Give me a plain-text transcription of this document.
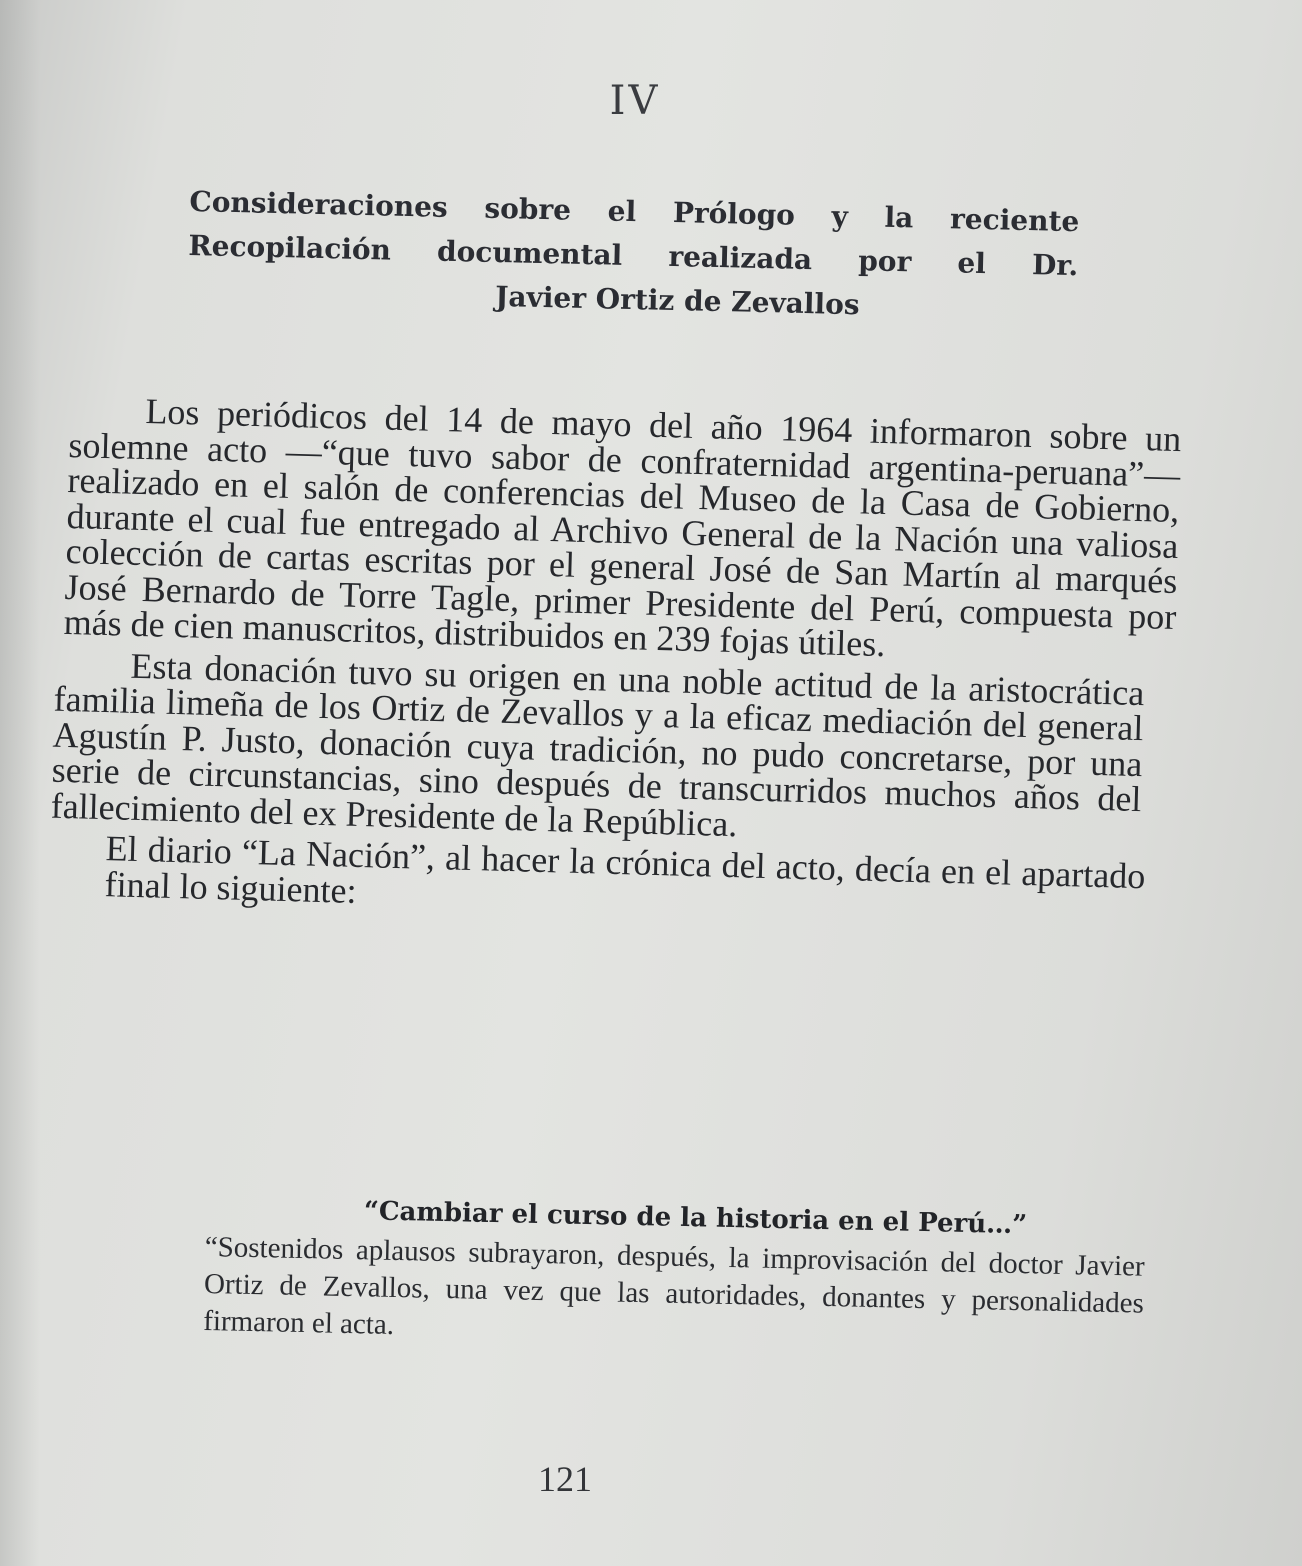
IV
Consideraciones sobre el Prólogo y la reciente Recopilación documental realizada por el Dr.
Javier Ortiz de Zevallos

Los periódicos del 14 de mayo del año 1964 informaron sobre un solemne acto —“que tuvo sabor de confraternidad argentina-peruana”— realizado en el salón de conferencias del Museo de la Casa de Gobierno, durante el cual fue entregado al Archivo General de la Nación una valiosa colección de cartas escritas por el general José de San Martín al marqués José Bernardo de Torre Tagle, primer Presidente del Perú, compuesta por más de cien manuscritos, distribuidos en 239 fojas útiles.

Esta donación tuvo su origen en una noble actitud de la aristocrática familia limeña de los Ortiz de Zevallos y a la eficaz mediación del general Agustín P. Justo, donación cuya tradición, no pudo concretarse, por una serie de circunstancias, sino después de transcurridos muchos años del fallecimiento del ex Presidente de la República.

El diario “La Nación”, al hacer la crónica del acto, decía en el apartado final lo siguiente:

“Cambiar el curso de la historia en el Perú…”

“Sostenidos aplausos subrayaron, después, la improvisación del doctor Javier Ortiz de Zevallos, una vez que las autoridades, donantes y personalidades firmaron el acta.

121
